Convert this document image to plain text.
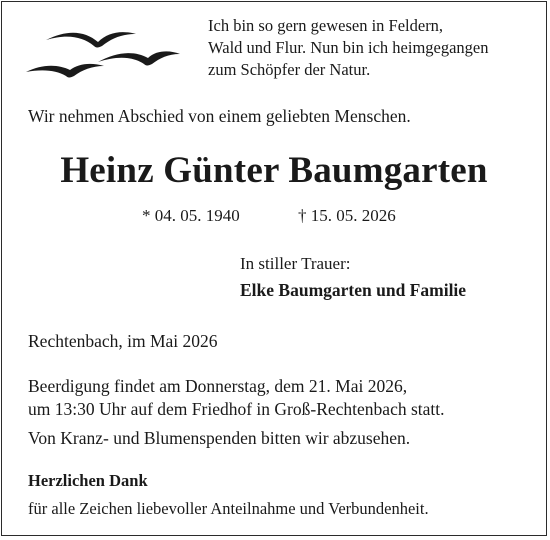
Ich bin so gern gewesen in Feldern,
Wald und Flur. Nun bin ich heimgegangen
zum Schöpfer der Natur.
Wir nehmen Abschied von einem geliebten Menschen.
Heinz Günter Baumgarten
* 04. 05. 1940	† 15. 05. 2026
In stiller Trauer:
Elke Baumgarten und Familie
Rechtenbach, im Mai 2026
Beerdigung findet am Donnerstag, dem 21. Mai 2026,
um 13:30 Uhr auf dem Friedhof in Groß-Rechtenbach statt.
Von Kranz- und Blumenspenden bitten wir abzusehen.
Herzlichen Dank
für alle Zeichen liebevoller Anteilnahme und Verbundenheit.
